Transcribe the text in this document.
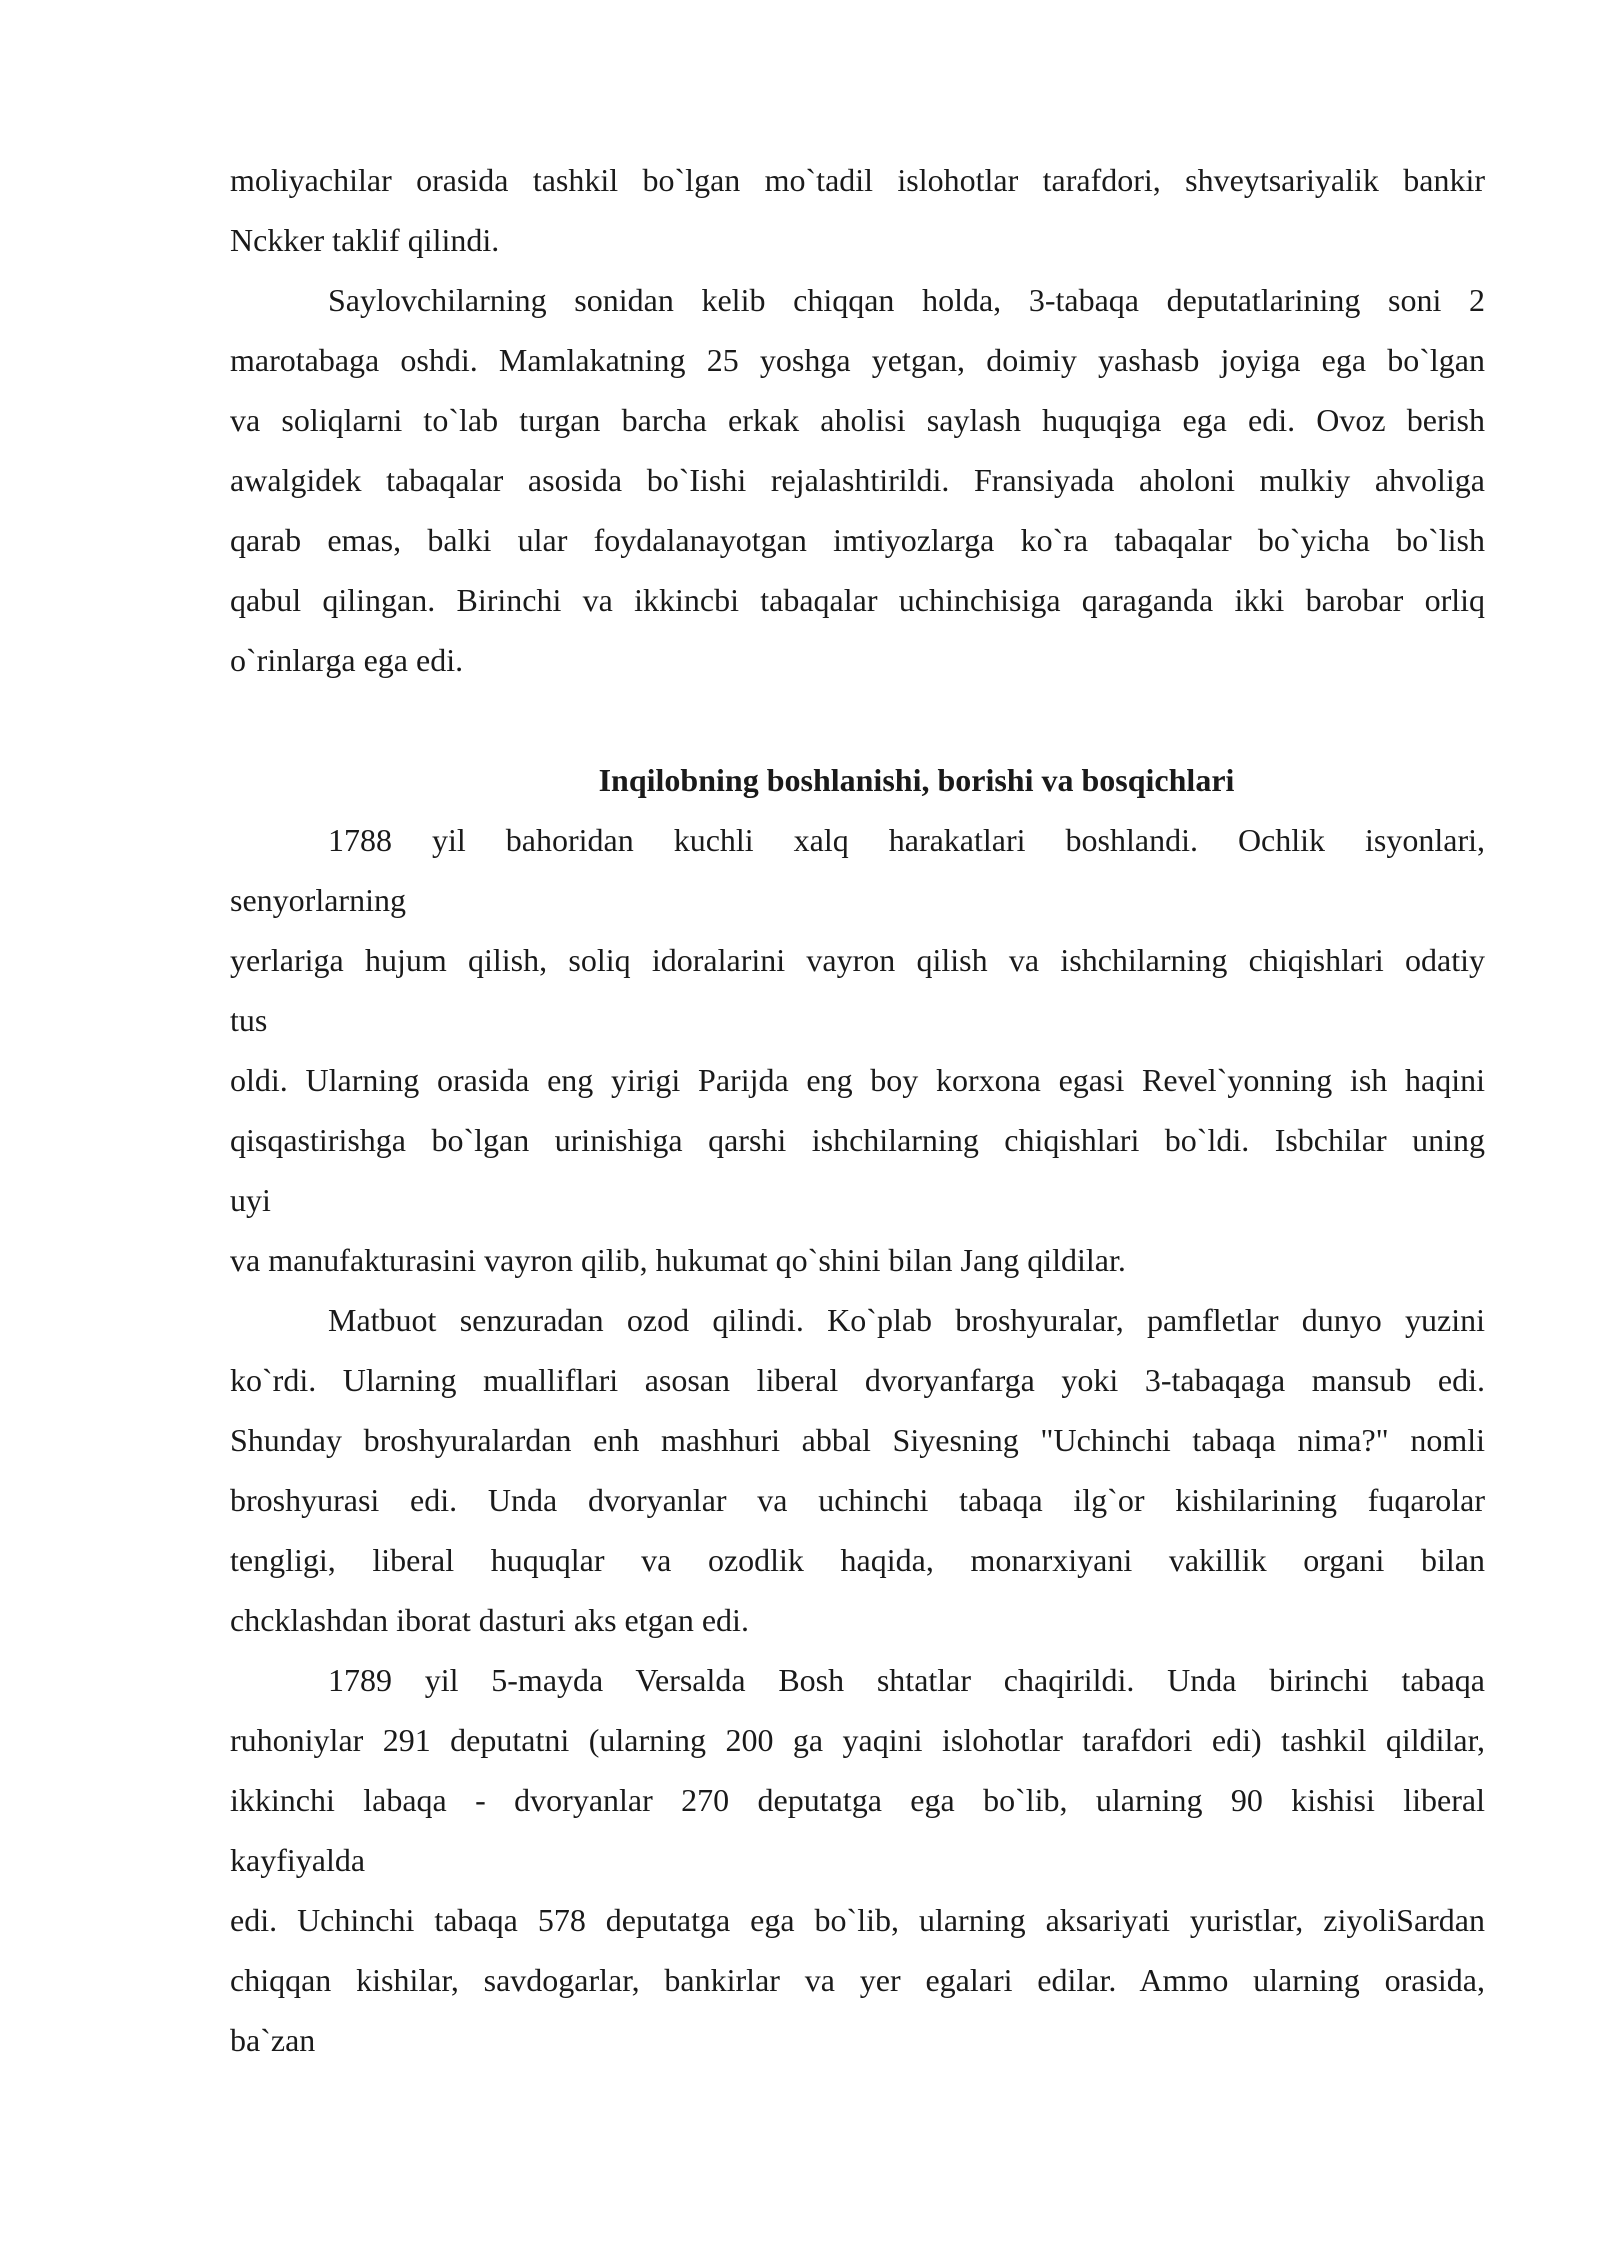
moliyachilar orasida tashkil bo`lgan mo`tadil islohotlar tarafdori, shveytsariyalik bankir
Nckker taklif qilindi.
Saylovchilarning sonidan kelib chiqqan holda, 3-tabaqa deputatlarining soni 2
marotabaga oshdi. Mamlakatning 25 yoshga yetgan, doimiy yashasb joyiga ega bo`lgan
va soliqlarni to`lab turgan barcha erkak aholisi saylash huquqiga ega edi. Ovoz berish
awalgidek tabaqalar asosida bo`Iishi rejalashtirildi. Fransiyada aholoni mulkiy ahvoliga
qarab emas, balki ular foydalanayotgan imtiyozlarga ko`ra tabaqalar bo`yicha bo`lish
qabul qilingan. Birinchi va ikkincbi tabaqalar uchinchisiga qaraganda ikki barobar orliq
o`rinlarga ega edi.
Inqilobning boshlanishi, borishi va bosqichlari
1788 yil bahoridan kuchli xalq harakatlari boshlandi. Ochlik isyonlari,
senyorlarning
yerlariga hujum qilish, soliq idoralarini vayron qilish va ishchilarning chiqishlari odatiy
tus
oldi. Ularning orasida eng yirigi Parijda eng boy korxona egasi Revel`yonning ish haqini
qisqastirishga bo`lgan urinishiga qarshi ishchilarning chiqishlari bo`ldi. Isbchilar uning
uyi
va manufakturasini vayron qilib, hukumat qo`shini bilan Jang qildilar.
Matbuot senzuradan ozod qilindi. Ko`plab broshyuralar, pamfletlar dunyo yuzini
ko`rdi. Ularning mualliflari asosan liberal dvoryanfarga yoki 3-tabaqaga mansub edi.
Shunday broshyuralardan enh mashhuri abbal Siyesning "Uchinchi tabaqa nima?" nomli
broshyurasi edi. Unda dvoryanlar va uchinchi tabaqa ilg`or kishilarining fuqarolar
tengligi, liberal huquqlar va ozodlik haqida, monarxiyani vakillik organi bilan
chcklashdan iborat dasturi aks etgan edi.
1789 yil 5-mayda Versalda Bosh shtatlar chaqirildi. Unda birinchi tabaqa
ruhoniylar 291 deputatni (ularning 200 ga yaqini islohotlar tarafdori edi) tashkil qildilar,
ikkinchi labaqa - dvoryanlar 270 deputatga ega bo`lib, ularning 90 kishisi liberal
kayfiyalda
edi. Uchinchi tabaqa 578 deputatga ega bo`lib, ularning aksariyati yuristlar, ziyoliSardan
chiqqan kishilar, savdogarlar, bankirlar va yer egalari edilar. Ammo ularning orasida,
ba`zan
